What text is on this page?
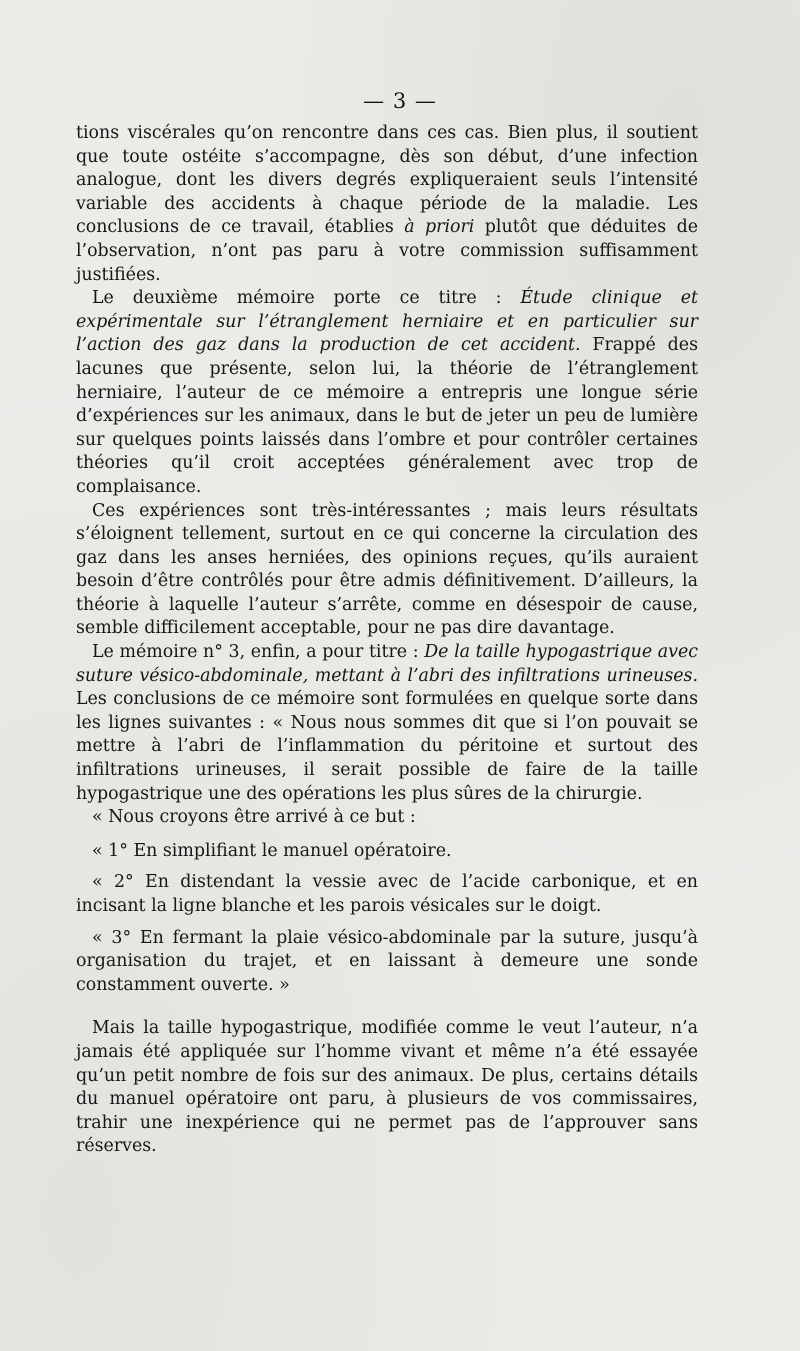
— 3 —

tions viscérales qu’on rencontre dans ces cas. Bien plus, il soutient que toute ostéite s’accompagne, dès son début, d’une infection analogue, dont les divers degrés expliqueraient seuls l’intensité variable des accidents à chaque période de la maladie. Les conclusions de ce travail, établies à priori plutôt que déduites de l’observation, n’ont pas paru à votre commission suffisamment justifiées.

Le deuxième mémoire porte ce titre : Étude clinique et expérimentale sur l’étranglement herniaire et en particulier sur l’action des gaz dans la production de cet accident. Frappé des lacunes que présente, selon lui, la théorie de l’étranglement herniaire, l’auteur de ce mémoire a entrepris une longue série d’expériences sur les animaux, dans le but de jeter un peu de lumière sur quelques points laissés dans l’ombre et pour contrôler certaines théories qu’il croit acceptées généralement avec trop de complaisance.

Ces expériences sont très-intéressantes ; mais leurs résultats s’éloignent tellement, surtout en ce qui concerne la circulation des gaz dans les anses herniées, des opinions reçues, qu’ils auraient besoin d’être contrôlés pour être admis définitivement. D’ailleurs, la théorie à laquelle l’auteur s’arrête, comme en désespoir de cause, semble difficilement acceptable, pour ne pas dire davantage.

Le mémoire n° 3, enfin, a pour titre : De la taille hypogastrique avec suture vésico-abdominale, mettant à l’abri des infiltrations urineuses. Les conclusions de ce mémoire sont formulées en quelque sorte dans les lignes suivantes : « Nous nous sommes dit que si l’on pouvait se mettre à l’abri de l’inflammation du péritoine et surtout des infiltrations urineuses, il serait possible de faire de la taille hypogastrique une des opérations les plus sûres de la chirurgie.

« Nous croyons être arrivé à ce but :

« 1° En simplifiant le manuel opératoire.

« 2° En distendant la vessie avec de l’acide carbonique, et en incisant la ligne blanche et les parois vésicales sur le doigt.

« 3° En fermant la plaie vésico-abdominale par la suture, jusqu’à organisation du trajet, et en laissant à demeure une sonde constamment ouverte. »

Mais la taille hypogastrique, modifiée comme le veut l’auteur, n’a jamais été appliquée sur l’homme vivant et même n’a été essayée qu’un petit nombre de fois sur des animaux. De plus, certains détails du manuel opératoire ont paru, à plusieurs de vos commissaires, trahir une inexpérience qui ne permet pas de l’approuver sans réserves.
